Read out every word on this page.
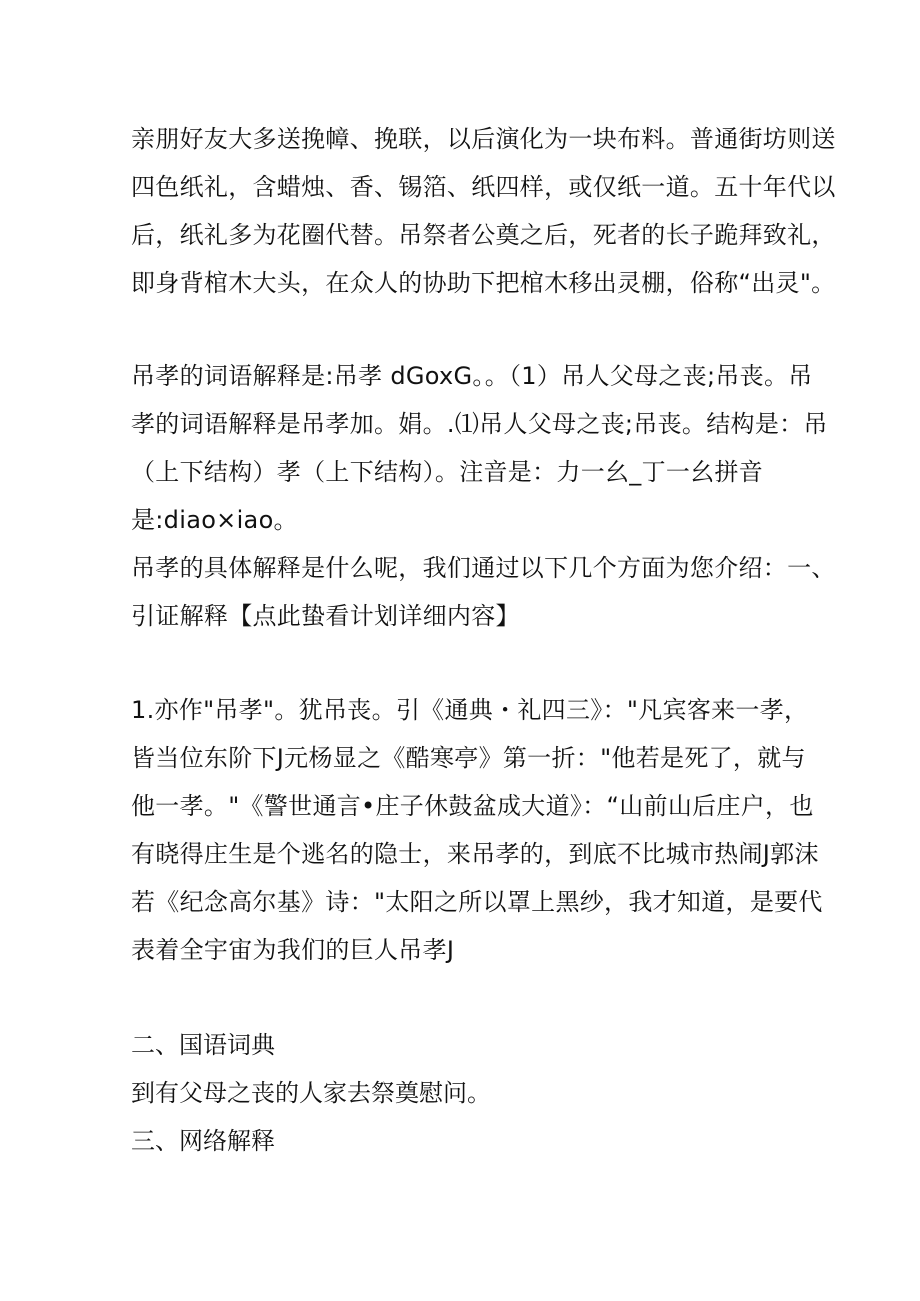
亲朋好友大多送挽幛、挽联，以后演化为一块布料。普通街坊则送
四色纸礼，含蜡烛、香、锡箔、纸四样，或仅纸一道。五十年代以
后，纸礼多为花圈代替。吊祭者公奠之后，死者的长子跪拜致礼，
即身背棺木大头，在众人的协助下把棺木移出灵棚，俗称“出灵"。
吊孝的词语解释是:吊孝 dGoxG。。（1）吊人父母之丧;吊丧。吊
孝的词语解释是吊孝加。娟。.⑴吊人父母之丧;吊丧。结构是：吊
（上下结构）孝（上下结构）。注音是：力一幺_丁一幺拼音
是:diao×iao。
吊孝的具体解释是什么呢，我们通过以下几个方面为您介绍：一、
引证解释【点此蛰看计划详细内容】
1.亦作"吊孝"。犹吊丧。引《通典・礼四三》："凡宾客来一孝，
皆当位东阶下J元杨显之《酷寒亭》第一折："他若是死了，就与
他一孝。"《警世通言•庄子休鼓盆成大道》：“山前山后庄户，也
有晓得庄生是个逃名的隐士，来吊孝的，到底不比城市热闹J郭沫
若《纪念高尔基》诗："太阳之所以罩上黑纱，我才知道，是要代
表着全宇宙为我们的巨人吊孝J
二、国语词典
到有父母之丧的人家去祭奠慰问。
三、网络解释
